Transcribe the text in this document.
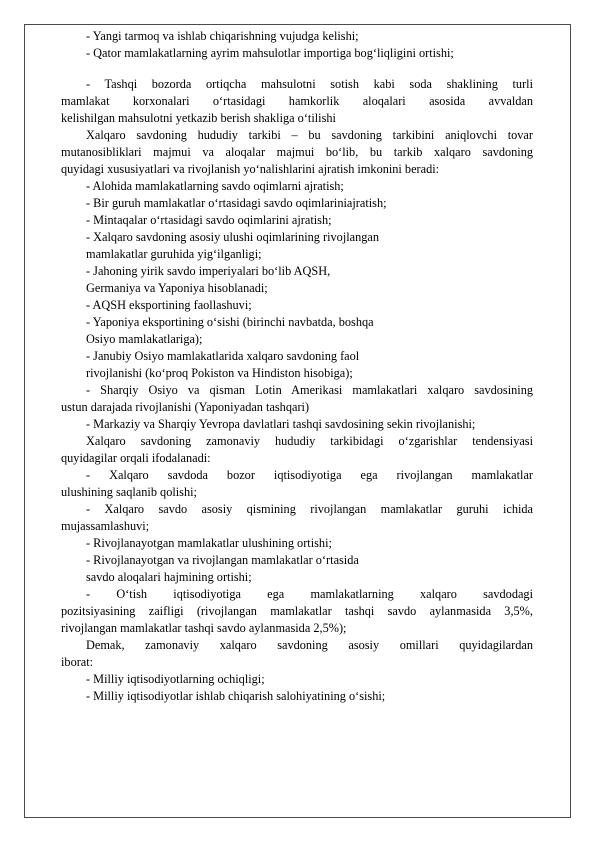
- Yangi tarmoq va ishlab chiqarishning vujudga kelishi;
- Qator mamlakatlarning ayrim mahsulotlar importiga bog‘liqligini ortishi;
- Tashqi bozorda ortiqcha mahsulotni sotish kabi soda shaklining turli
mamlakat korxonalari o‘rtasidagi hamkorlik aloqalari asosida avvaldan
kelishilgan mahsulotni yetkazib berish shakliga o‘tilishi
Xalqaro savdoning hududiy tarkibi – bu savdoning tarkibini aniqlovchi tovar
mutanosibliklari majmui va aloqalar majmui bo‘lib, bu tarkib xalqaro savdoning
quyidagi xususiyatlari va rivojlanish yo‘nalishlarini ajratish imkonini beradi:
- Alohida mamlakatlarning savdo oqimlarni ajratish;
- Bir guruh mamlakatlar o‘rtasidagi savdo oqimlariniajratish;
- Mintaqalar o‘rtasidagi savdo oqimlarini ajratish;
- Xalqaro savdoning asosiy ulushi oqimlarining rivojlangan
mamlakatlar guruhida yig‘ilganligi;
- Jahoning yirik savdo imperiyalari bo‘lib AQSH,
Germaniya va Yaponiya hisoblanadi;
- AQSH eksportining faollashuvi;
- Yaponiya eksportining o‘sishi (birinchi navbatda, boshqa
Osiyo mamlakatlariga);
- Janubiy Osiyo mamlakatlarida xalqaro savdoning faol
rivojlanishi (ko‘proq Pokiston va Hindiston hisobiga);
- Sharqiy Osiyo va qisman Lotin Amerikasi mamlakatlari xalqaro savdosining
ustun darajada rivojlanishi (Yaponiyadan tashqari)
- Markaziy va Sharqiy Yevropa davlatlari tashqi savdosining sekin rivojlanishi;
Xalqaro savdoning zamonaviy hududiy tarkibidagi o‘zgarishlar tendensiyasi
quyidagilar orqali ifodalanadi:
- Xalqaro savdoda bozor iqtisodiyotiga ega rivojlangan mamlakatlar
ulushining saqlanib qolishi;
- Xalqaro savdo asosiy qismining rivojlangan mamlakatlar guruhi ichida
mujassamlashuvi;
- Rivojlanayotgan mamlakatlar ulushining ortishi;
- Rivojlanayotgan va rivojlangan mamlakatlar o‘rtasida
savdo aloqalari hajmining ortishi;
- O‘tish iqtisodiyotiga ega mamlakatlarning xalqaro savdodagi
pozitsiyasining zaifligi (rivojlangan mamlakatlar tashqi savdo aylanmasida 3,5%,
rivojlangan mamlakatlar tashqi savdo aylanmasida 2,5%);
Demak, zamonaviy xalqaro savdoning asosiy omillari quyidagilardan
iborat:
- Milliy iqtisodiyotlarning ochiqligi;
- Milliy iqtisodiyotlar ishlab chiqarish salohiyatining o‘sishi;
